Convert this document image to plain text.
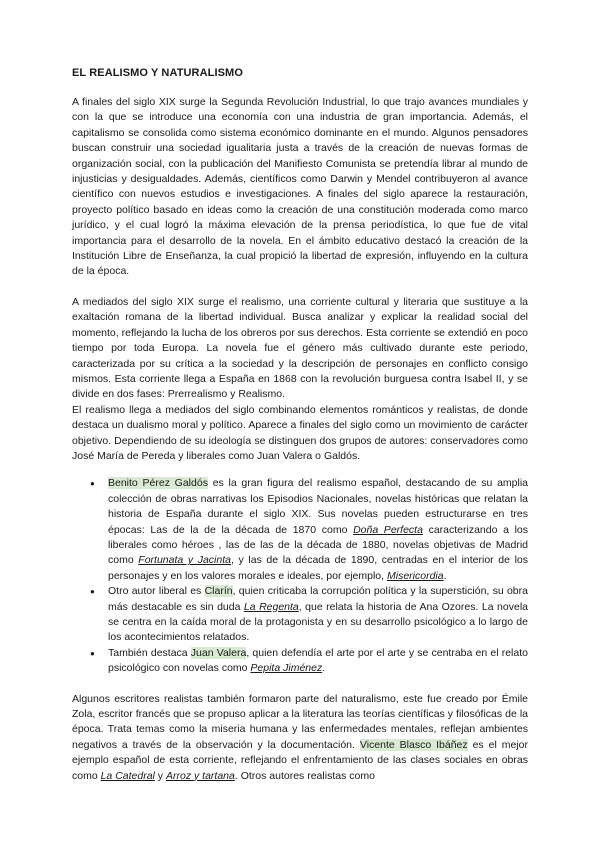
EL REALISMO Y NATURALISMO

A finales del siglo XIX surge la Segunda Revolución Industrial, lo que trajo avances mundiales y con la que se introduce una economía con una industria de gran importancia. Además, el capitalismo se consolida como sistema económico dominante en el mundo. Algunos pensadores buscan construir una sociedad igualitaria justa a través de la creación de nuevas formas de organización social, con la publicación del Manifiesto Comunista se pretendía librar al mundo de injusticias y desigualdades. Además, científicos como Darwin y Mendel contribuyeron al avance científico con nuevos estudios e investigaciones. A finales del siglo aparece la restauración, proyecto político basado en ideas como la creación de una constitución moderada como marco jurídico, y el cual logró la máxima elevación de la prensa periodística, lo que fue de vital importancia para el desarrollo de la novela. En el ámbito educativo destacó la creación de la Institución Libre de Enseñanza, la cual propició la libertad de expresión, influyendo en la cultura de la época.

A mediados del siglo XIX surge el realismo, una corriente cultural y literaria que sustituye a la exaltación romana de la libertad individual. Busca analizar y explicar la realidad social del momento, reflejando la lucha de los obreros por sus derechos. Esta corriente se extendió en poco tiempo por toda Europa. La novela fue el género más cultivado durante este periodo, caracterizada por su crítica a la sociedad y la descripción de personajes en conflicto consigo mismos. Esta corriente llega a España en 1868 con la revolución burguesa contra Isabel II, y se divide en dos fases: Prerrealismo y Realismo.

El realismo llega a mediados del siglo combinando elementos románticos y realistas, de donde destaca un dualismo moral y político. Aparece a finales del siglo como un movimiento de carácter objetivo. Dependiendo de su ideología se distinguen dos grupos de autores: conservadores como José María de Pereda y liberales como Juan Valera o Galdós.

● Benito Pérez Galdós es la gran figura del realismo español, destacando de su amplia colección de obras narrativas los Episodios Nacionales, novelas históricas que relatan la historia de España durante el siglo XIX. Sus novelas pueden estructurarse en tres épocas: Las de la de la década de 1870 como Doña Perfecta caracterizando a los liberales como héroes , las de las de la década de 1880, novelas objetivas de Madrid como Fortunata y Jacinta, y las de la década de 1890, centradas en el interior de los personajes y en los valores morales e ideales, por ejemplo, Misericordia.
● Otro autor liberal es Clarín, quien criticaba la corrupción política y la superstición, su obra más destacable es sin duda La Regenta, que relata la historia de Ana Ozores. La novela se centra en la caída moral de la protagonista y en su desarrollo psicológico a lo largo de los acontecimientos relatados.
● También destaca Juan Valera, quien defendía el arte por el arte y se centraba en el relato psicológico con novelas como Pepita Jiménez.

Algunos escritores realistas también formaron parte del naturalismo, este fue creado por Émile Zola, escritor francés que se propuso aplicar a la literatura las teorías científicas y filosóficas de la época. Trata temas como la miseria humana y las enfermedades mentales, reflejan ambientes negativos a través de la observación y la documentación. Vicente Blasco Ibáñez es el mejor ejemplo español de esta corriente, reflejando el enfrentamiento de las clases sociales en obras como La Catedral y Arroz y tartana. Otros autores realistas como
